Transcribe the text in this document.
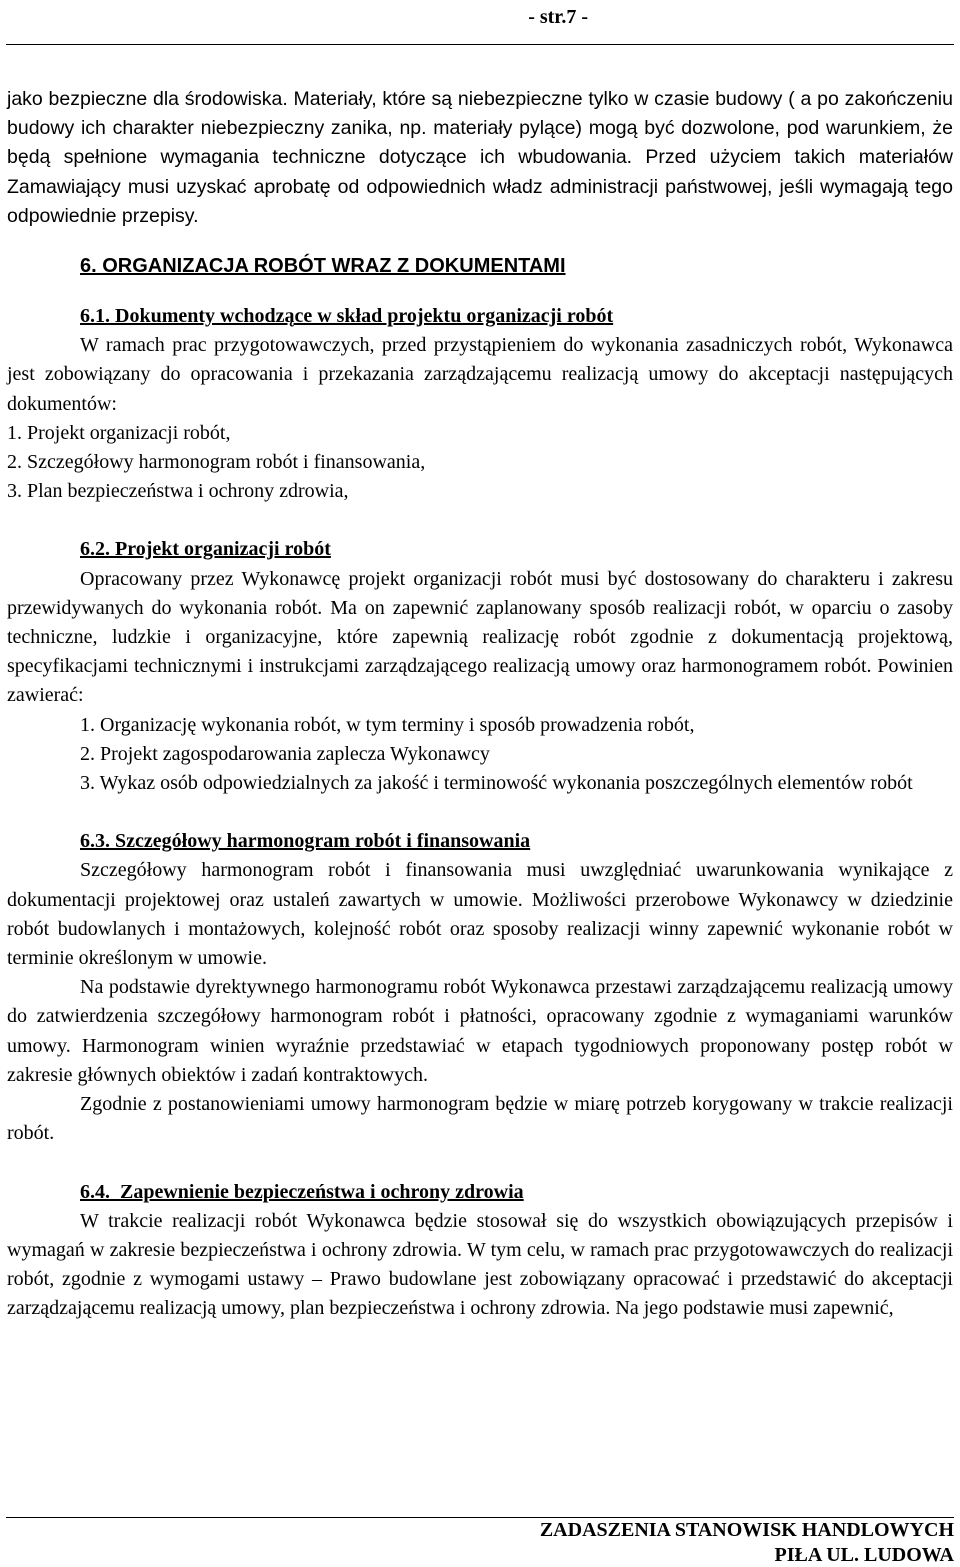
- str.7 -

jako bezpieczne dla środowiska. Materiały, które są niebezpieczne tylko w czasie budowy ( a po zakończeniu budowy ich charakter niebezpieczny zanika, np. materiały pylące) mogą być dozwolone, pod warunkiem, że będą spełnione wymagania techniczne dotyczące ich wbudowania. Przed użyciem takich materiałów Zamawiający musi uzyskać aprobatę od odpowiednich władz administracji państwowej, jeśli wymagają tego odpowiednie przepisy.

6. ORGANIZACJA ROBÓT WRAZ Z DOKUMENTAMI
6.1. Dokumenty wchodzące w skład projektu organizacji robót

W ramach prac przygotowawczych, przed przystąpieniem do wykonania zasadniczych robót, Wykonawca jest zobowiązany do opracowania i przekazania zarządzającemu realizacją umowy do akceptacji następujących dokumentów:

1. Projekt organizacji robót,
2. Szczegółowy harmonogram robót i finansowania,
3. Plan bezpieczeństwa i ochrony zdrowia,
6.2. Projekt organizacji robót

Opracowany przez Wykonawcę projekt organizacji robót musi być dostosowany do charakteru i zakresu przewidywanych do wykonania robót. Ma on zapewnić zaplanowany sposób realizacji robót, w oparciu o zasoby techniczne, ludzkie i organizacyjne, które zapewnią realizację robót zgodnie z dokumentacją projektową, specyfikacjami technicznymi i instrukcjami zarządzającego realizacją umowy oraz harmonogramem robót. Powinien zawierać:

1. Organizację wykonania robót, w tym terminy i sposób prowadzenia robót,
2. Projekt zagospodarowania zaplecza Wykonawcy

3. Wykaz osób odpowiedzialnych za jakość i terminowość wykonania poszczególnych elementów robót

6.3. Szczegółowy harmonogram robót i finansowania

Szczegółowy harmonogram robót i finansowania musi uwzględniać uwarunkowania wynikające z dokumentacji projektowej oraz ustaleń zawartych w umowie. Możliwości przerobowe Wykonawcy w dziedzinie robót budowlanych i montażowych, kolejność robót oraz sposoby realizacji winny zapewnić wykonanie robót w terminie określonym w umowie.

Na podstawie dyrektywnego harmonogramu robót Wykonawca przestawi zarządzającemu realizacją umowy do zatwierdzenia szczegółowy harmonogram robót i płatności, opracowany zgodnie z wymaganiami warunków umowy. Harmonogram winien wyraźnie przedstawiać w etapach tygodniowych proponowany postęp robót w zakresie głównych obiektów i zadań kontraktowych.

Zgodnie z postanowieniami umowy harmonogram będzie w miarę potrzeb korygowany w trakcie realizacji robót.

6.4. Zapewnienie bezpieczeństwa i ochrony zdrowia

W trakcie realizacji robót Wykonawca będzie stosował się do wszystkich obowiązujących przepisów i wymagań w zakresie bezpieczeństwa i ochrony zdrowia. W tym celu, w ramach prac przygotowawczych do realizacji robót, zgodnie z wymogami ustawy – Prawo budowlane jest zobowiązany opracować i przedstawić do akceptacji zarządzającemu realizacją umowy, plan bezpieczeństwa i ochrony zdrowia. Na jego podstawie musi zapewnić,

ZADASZENIA STANOWISK HANDLOWYCH
PIŁA UL. LUDOWA
